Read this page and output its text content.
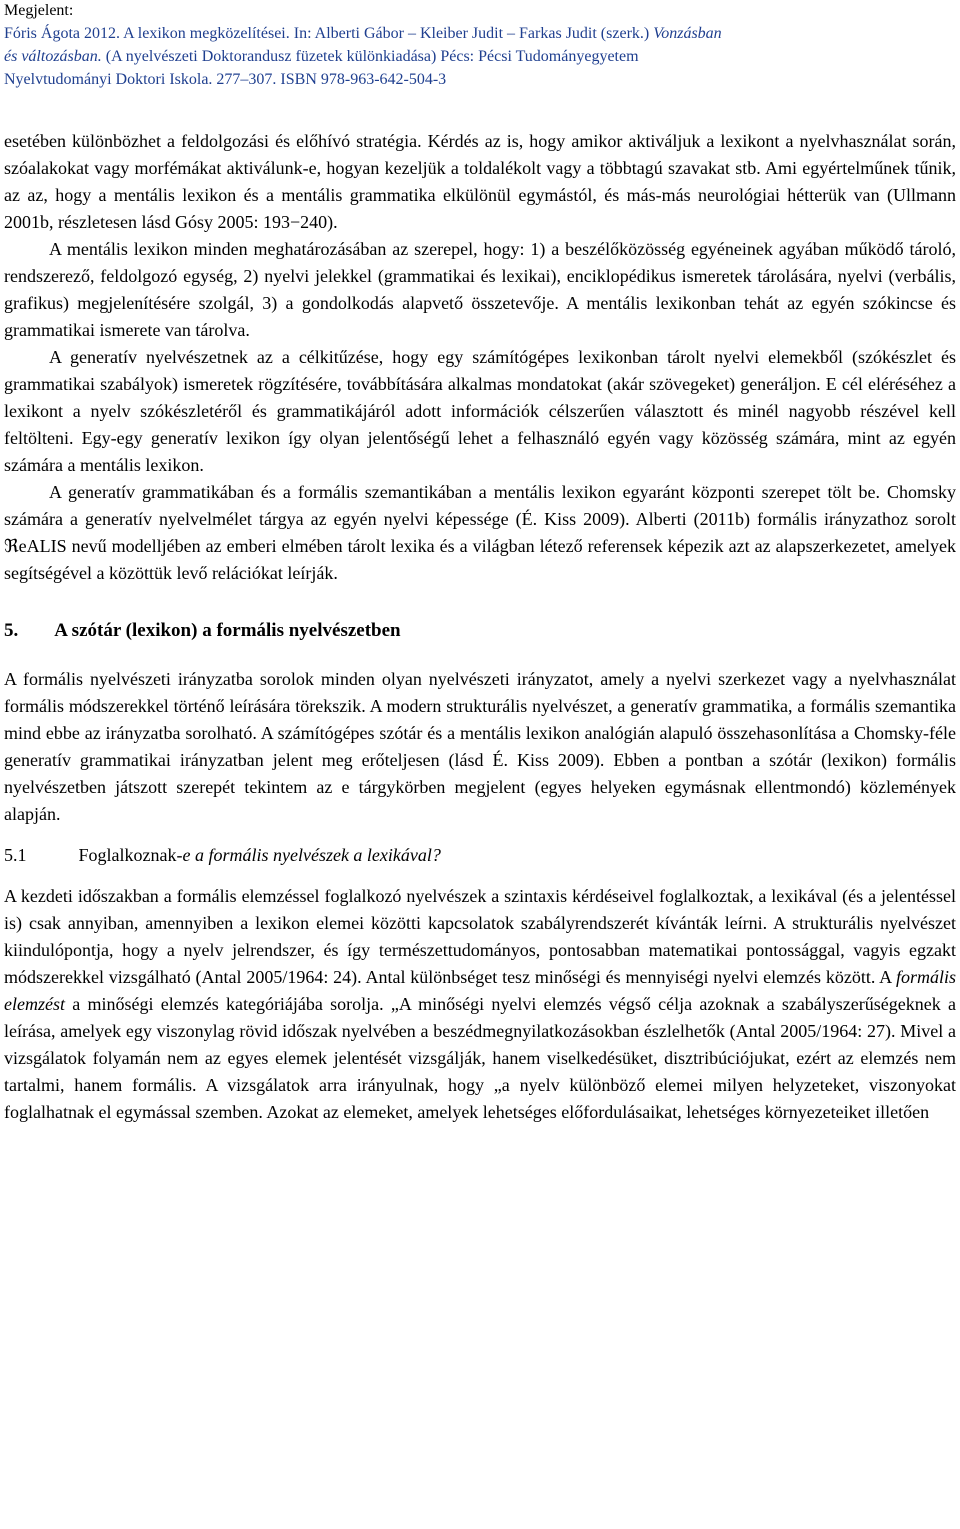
Megjelent:
Fóris Ágota 2012. A lexikon megközelítései. In: Alberti Gábor – Kleiber Judit – Farkas Judit (szerk.) Vonzásban
és változásban. (A nyelvészeti Doktorandusz füzetek különkiadása) Pécs: Pécsi Tudományegyetem
Nyelvtudományi Doktori Iskola. 277–307. ISBN 978-963-642-504-3

esetében különbözhet a feldolgozási és előhívó stratégia. Kérdés az is, hogy amikor aktiváljuk a lexikont a nyelvhasználat során, szóalakokat vagy morfémákat aktiválunk-e, hogyan kezeljük a toldalékolt vagy a többtagú szavakat stb. Ami egyértelműnek tűnik, az az, hogy a mentális lexikon és a mentális grammatika elkülönül egymástól, és más-más neurológiai hétterük van (Ullmann 2001b, részletesen lásd Gósy 2005: 193−240).

A mentális lexikon minden meghatározásában az szerepel, hogy: 1) a beszélőközösség egyéneinek agyában működő tároló, rendszerező, feldolgozó egység, 2) nyelvi jelekkel (grammatikai és lexikai), enciklopédikus ismeretek tárolására, nyelvi (verbális, grafikus) megjelenítésére szolgál, 3) a gondolkodás alapvető összetevője. A mentális lexikonban tehát az egyén szókincse és grammatikai ismerete van tárolva.

A generatív nyelvészetnek az a célkitűzése, hogy egy számítógépes lexikonban tárolt nyelvi elemekből (szókészlet és grammatikai szabályok) ismeretek rögzítésére, továbbítására alkalmas mondatokat (akár szövegeket) generáljon. E cél eléréséhez a lexikont a nyelv szókészletéről és grammatikájáról adott információk célszerűen választott és minél nagyobb részével kell feltölteni. Egy-egy generatív lexikon így olyan jelentőségű lehet a felhasználó egyén vagy közösség számára, mint az egyén számára a mentális lexikon.

A generatív grammatikában és a formális szemantikában a mentális lexikon egyaránt központi szerepet tölt be. Chomsky számára a generatív nyelvelmélet tárgya az egyén nyelvi képessége (É. Kiss 2009). Alberti (2011b) formális irányzathoz sorolt ℜeALIS nevű modelljében az emberi elmében tárolt lexika és a világban létező referensek képezik azt az alapszerkezetet, amelyek segítségével a közöttük levő relációkat leírják.

5. A szótár (lexikon) a formális nyelvészetben

A formális nyelvészeti irányzatba sorolok minden olyan nyelvészeti irányzatot, amely a nyelvi szerkezet vagy a nyelvhasználat formális módszerekkel történő leírására törekszik. A modern strukturális nyelvészet, a generatív grammatika, a formális szemantika mind ebbe az irányzatba sorolható. A számítógépes szótár és a mentális lexikon analógián alapuló összehasonlítása a Chomsky-féle generatív grammatikai irányzatban jelent meg erőteljesen (lásd É. Kiss 2009). Ebben a pontban a szótár (lexikon) formális nyelvészetben játszott szerepét tekintem az e tárgykörben megjelent (egyes helyeken egymásnak ellentmondó) közlemények alapján.

5.1	Foglalkoznak-e a formális nyelvészek a lexikával?

A kezdeti időszakban a formális elemzéssel foglalkozó nyelvészek a szintaxis kérdéseivel foglalkoztak, a lexikával (és a jelentéssel is) csak annyiban, amennyiben a lexikon elemei közötti kapcsolatok szabályrendszerét kívánták leírni. A strukturális nyelvészet kiindulópontja, hogy a nyelv jelrendszer, és így természettudományos, pontosabban matematikai pontossággal, vagyis egzakt módszerekkel vizsgálható (Antal 2005/1964: 24). Antal különbséget tesz minőségi és mennyiségi nyelvi elemzés között. A formális elemzést a minőségi elemzés kategóriájába sorolja. „A minőségi nyelvi elemzés végső célja azoknak a szabályszerűségeknek a leírása, amelyek egy viszonylag rövid időszak nyelvében a beszédmegnyilatkozásokban észlelhetők (Antal 2005/1964: 27). Mivel a vizsgálatok folyamán nem az egyes elemek jelentését vizsgálják, hanem viselkedésüket, disztribúciójukat, ezért az elemzés nem tartalmi, hanem formális. A vizsgálatok arra irányulnak, hogy „a nyelv különböző elemei milyen helyzeteket, viszonyokat foglalhatnak el egymással szemben. Azokat az elemeket, amelyek lehetséges előfordulásaikat, lehetséges környezeteiket illetően
